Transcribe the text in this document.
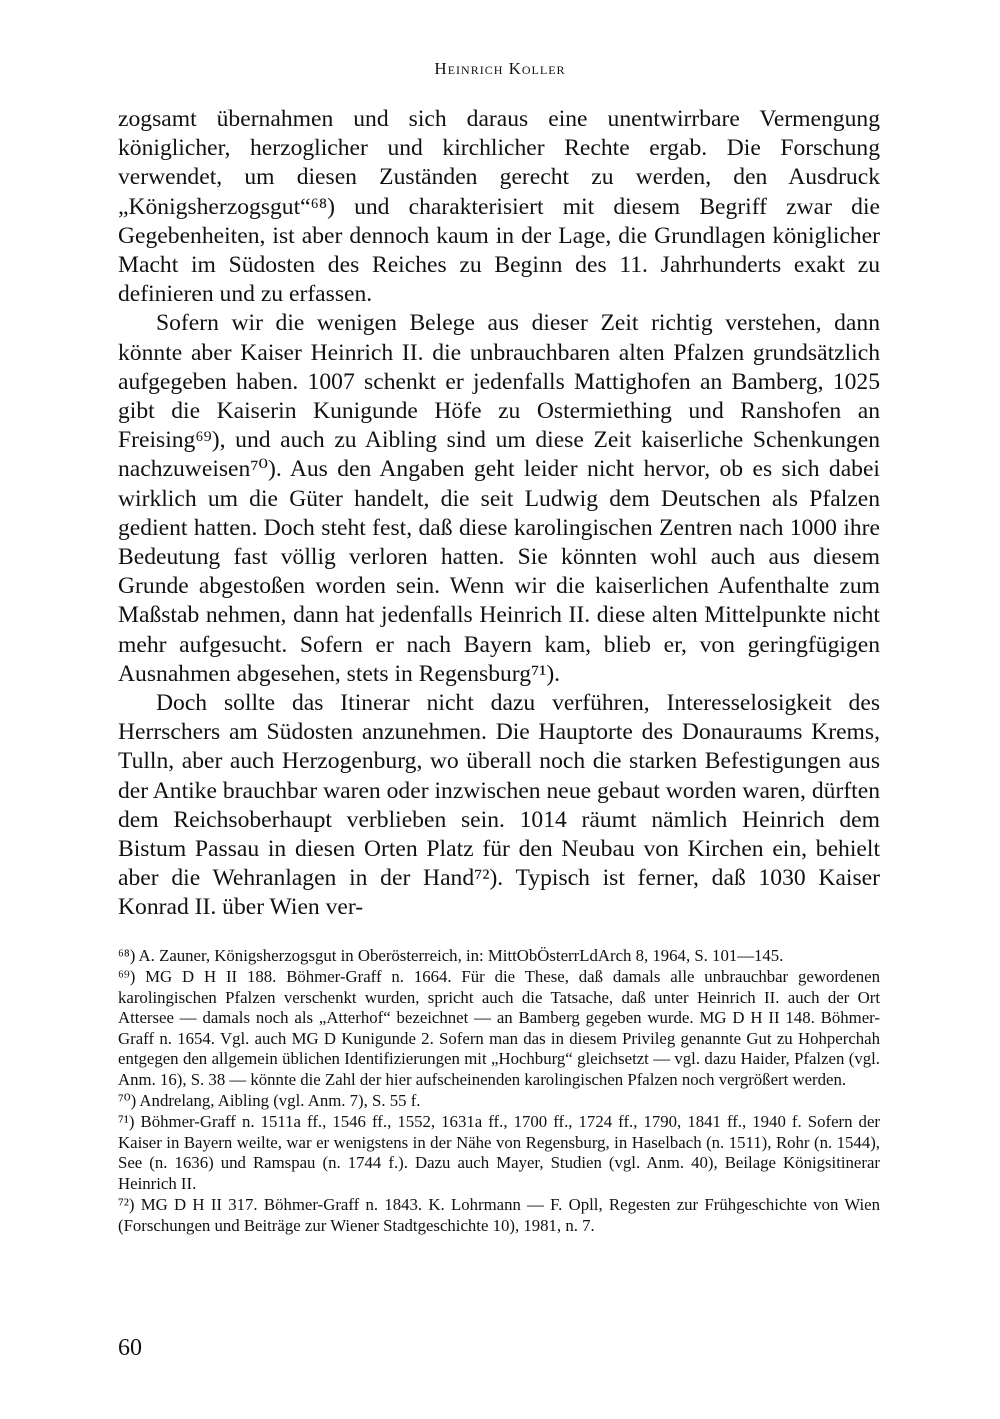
Heinrich Koller

zogsamt übernahmen und sich daraus eine unentwirrbare Vermengung königlicher, herzoglicher und kirchlicher Rechte ergab. Die Forschung verwendet, um diesen Zuständen gerecht zu werden, den Ausdruck „Königsherzogsgut“⁶⁸) und charakterisiert mit diesem Begriff zwar die Gegebenheiten, ist aber dennoch kaum in der Lage, die Grundlagen königlicher Macht im Südosten des Reiches zu Beginn des 11. Jahrhunderts exakt zu definieren und zu erfassen.

Sofern wir die wenigen Belege aus dieser Zeit richtig verstehen, dann könnte aber Kaiser Heinrich II. die unbrauchbaren alten Pfalzen grundsätzlich aufgegeben haben. 1007 schenkt er jedenfalls Mattighofen an Bamberg, 1025 gibt die Kaiserin Kunigunde Höfe zu Ostermiething und Ranshofen an Freising⁶⁹), und auch zu Aibling sind um diese Zeit kaiserliche Schenkungen nachzuweisen⁷⁰). Aus den Angaben geht leider nicht hervor, ob es sich dabei wirklich um die Güter handelt, die seit Ludwig dem Deutschen als Pfalzen gedient hatten. Doch steht fest, daß diese karolingischen Zentren nach 1000 ihre Bedeutung fast völlig verloren hatten. Sie könnten wohl auch aus diesem Grunde abgestoßen worden sein. Wenn wir die kaiserlichen Aufenthalte zum Maßstab nehmen, dann hat jedenfalls Heinrich II. diese alten Mittelpunkte nicht mehr aufgesucht. Sofern er nach Bayern kam, blieb er, von geringfügigen Ausnahmen abgesehen, stets in Regensburg⁷¹).

Doch sollte das Itinerar nicht dazu verführen, Interesselosigkeit des Herrschers am Südosten anzunehmen. Die Hauptorte des Donauraums Krems, Tulln, aber auch Herzogenburg, wo überall noch die starken Befestigungen aus der Antike brauchbar waren oder inzwischen neue gebaut worden waren, dürften dem Reichsoberhaupt verblieben sein. 1014 räumt nämlich Heinrich dem Bistum Passau in diesen Orten Platz für den Neubau von Kirchen ein, behielt aber die Wehranlagen in der Hand⁷²). Typisch ist ferner, daß 1030 Kaiser Konrad II. über Wien ver-

⁶⁸) A. Zauner, Königsherzogsgut in Oberösterreich, in: MittObÖsterrLdArch 8, 1964, S. 101—145.

⁶⁹) MG D H II 188. Böhmer-Graff n. 1664. Für die These, daß damals alle unbrauchbar gewordenen karolingischen Pfalzen verschenkt wurden, spricht auch die Tatsache, daß unter Heinrich II. auch der Ort Attersee — damals noch als „Atterhof“ bezeichnet — an Bamberg gegeben wurde. MG D H II 148. Böhmer-Graff n. 1654. Vgl. auch MG D Kunigunde 2. Sofern man das in diesem Privileg genannte Gut zu Hohperchah entgegen den allgemein üblichen Identifizierungen mit „Hochburg“ gleichsetzt — vgl. dazu Haider, Pfalzen (vgl. Anm. 16), S. 38 — könnte die Zahl der hier aufscheinenden karolingischen Pfalzen noch vergrößert werden.

⁷⁰) Andrelang, Aibling (vgl. Anm. 7), S. 55 f.

⁷¹) Böhmer-Graff n. 1511a ff., 1546 ff., 1552, 1631a ff., 1700 ff., 1724 ff., 1790, 1841 ff., 1940 f. Sofern der Kaiser in Bayern weilte, war er wenigstens in der Nähe von Regensburg, in Haselbach (n. 1511), Rohr (n. 1544), See (n. 1636) und Ramspau (n. 1744 f.). Dazu auch Mayer, Studien (vgl. Anm. 40), Beilage Königsitinerar Heinrich II.

⁷²) MG D H II 317. Böhmer-Graff n. 1843. K. Lohrmann — F. Opll, Regesten zur Frühgeschichte von Wien (Forschungen und Beiträge zur Wiener Stadtgeschichte 10), 1981, n. 7.

60
